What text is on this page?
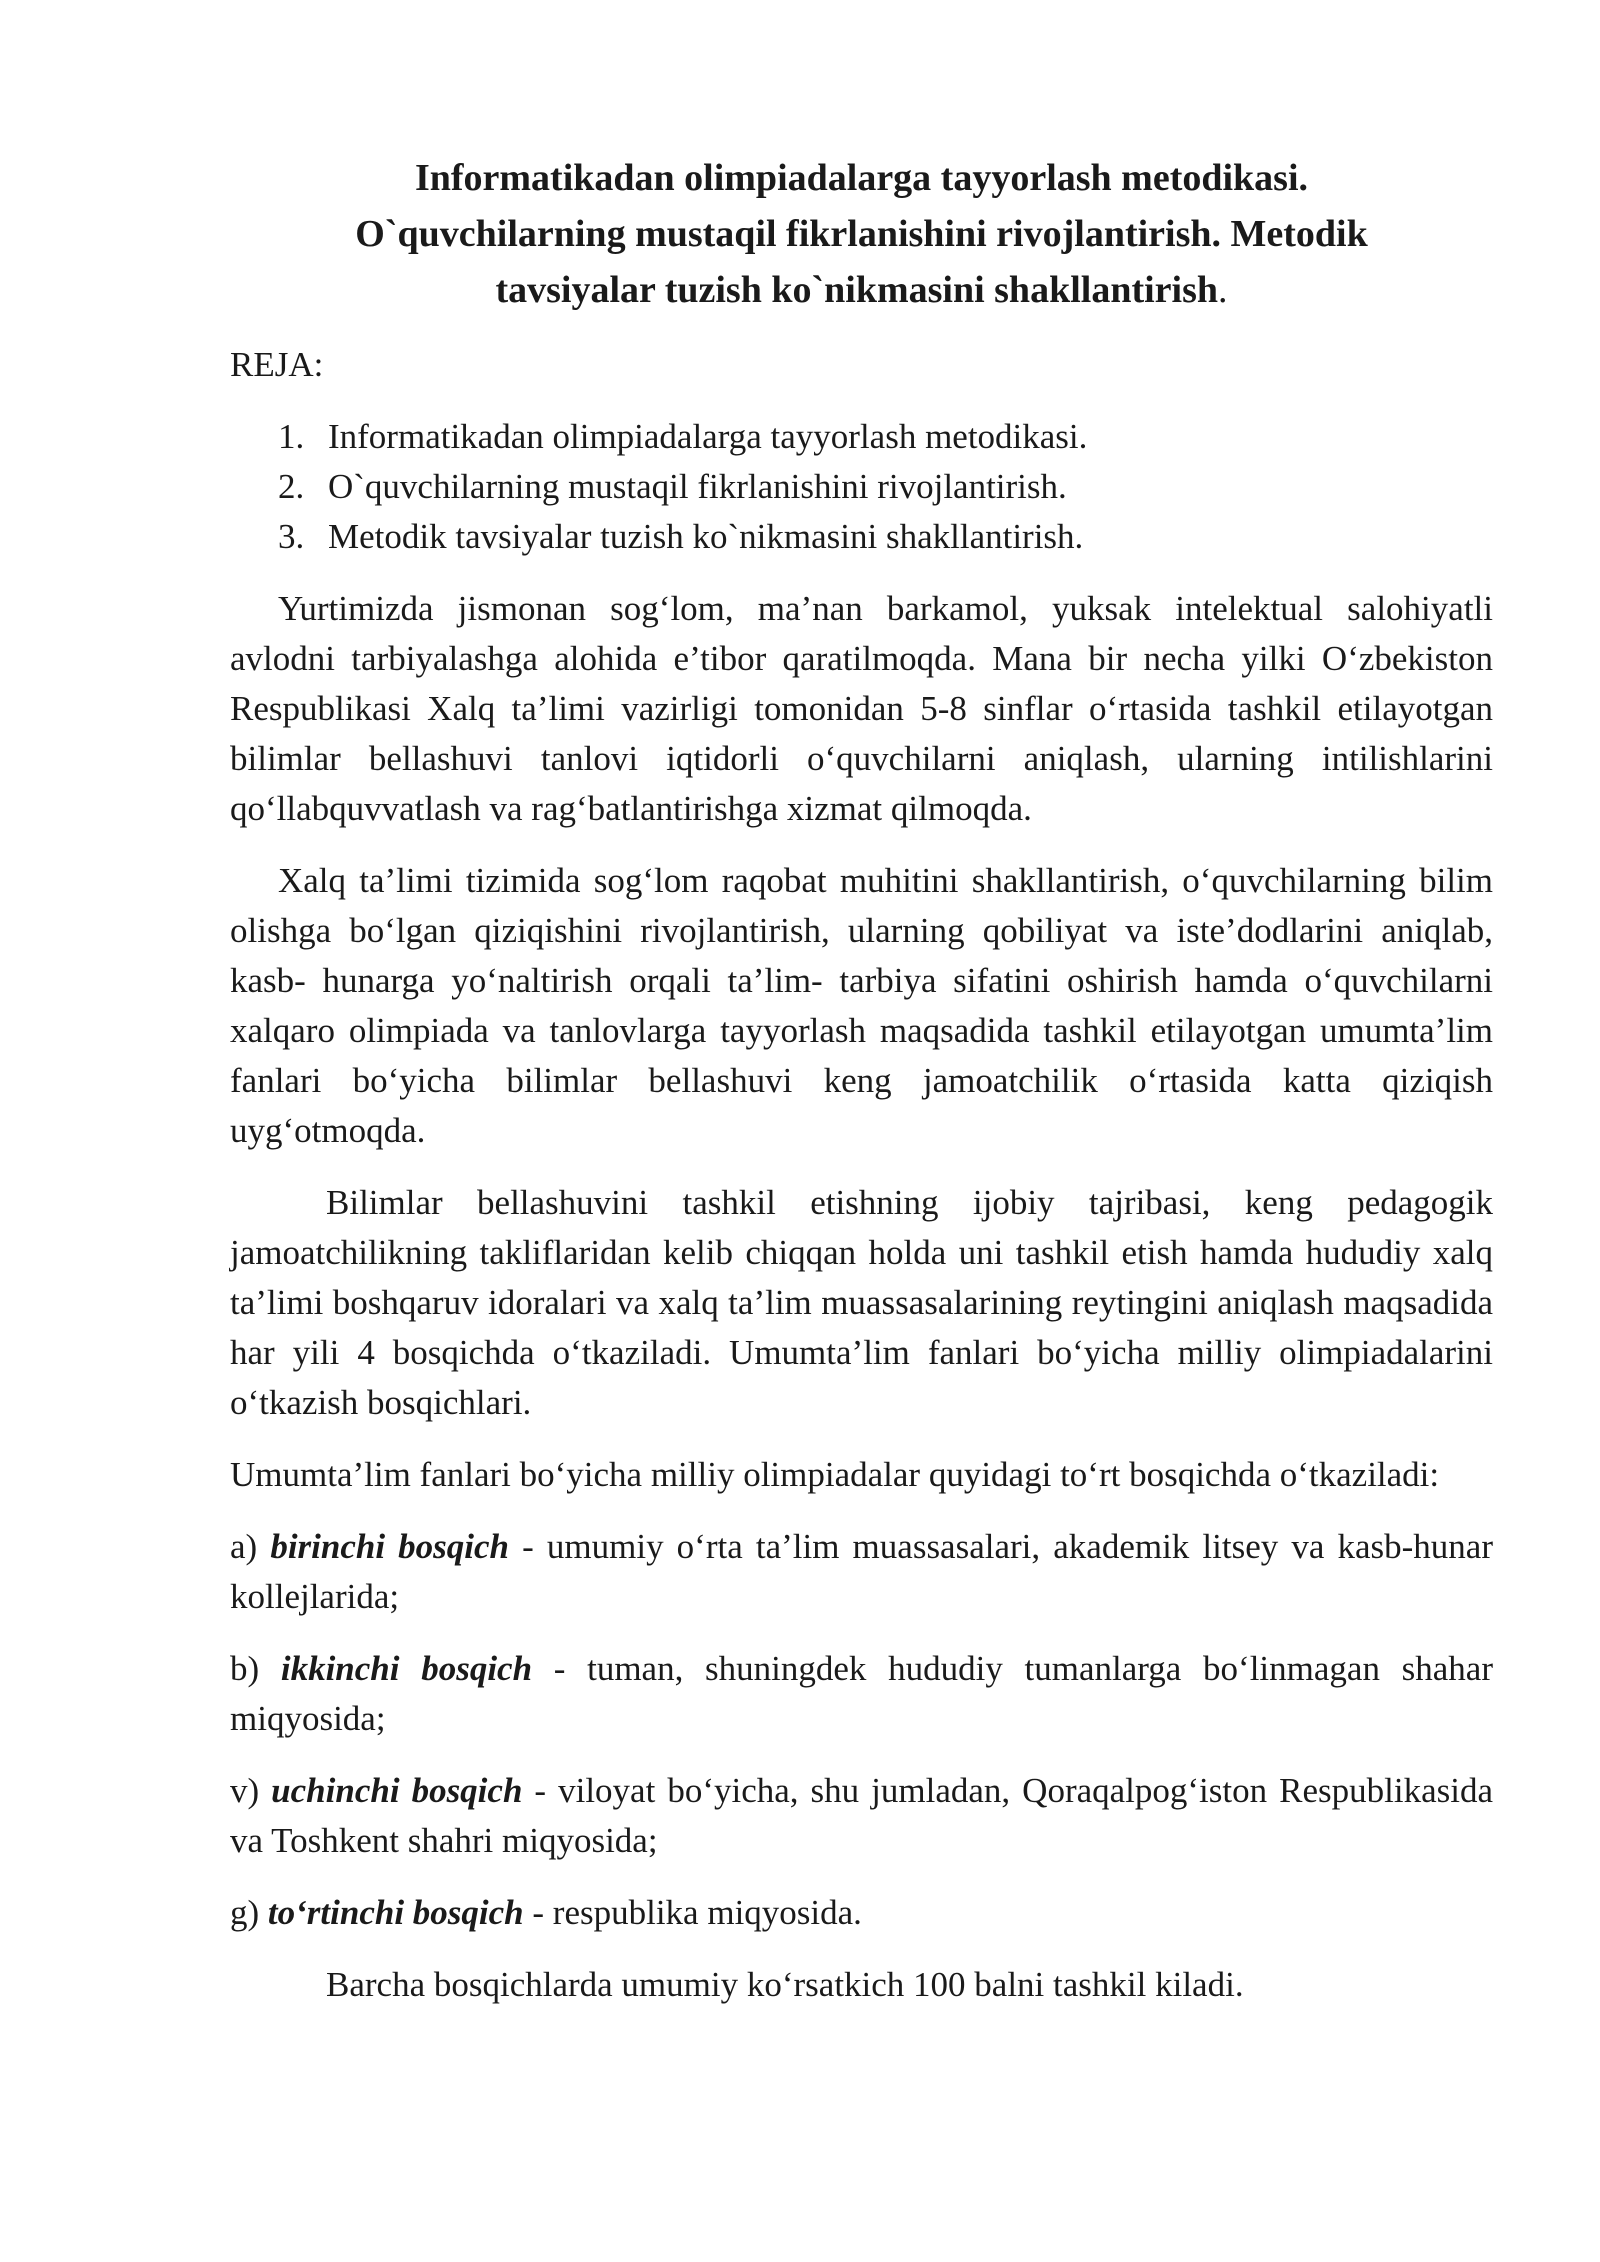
Informatikadan olimpiadalarga tayyorlash metodikasi.
O`quvchilarning mustaqil fikrlanishini rivojlantirish. Metodik
tavsiyalar tuzish ko`nikmasini shakllantirish.
REJA:
1. Informatikadan olimpiadalarga tayyorlash metodikasi.
2. O`quvchilarning mustaqil fikrlanishini rivojlantirish.
3. Metodik tavsiyalar tuzish ko`nikmasini shakllantirish.

Yurtimizda jismonan sog‘lom, ma’nan barkamol, yuksak intelektual salohiyatli avlodni tarbiyalashga alohida e’tibor qaratilmoqda. Mana bir necha yilki O‘zbekiston Respublikasi Xalq ta’limi vazirligi tomonidan 5-8 sinflar o‘rtasida tashkil etilayotgan bilimlar bellashuvi tanlovi iqtidorli o‘quvchilarni aniqlash, ularning intilishlarini qo‘llabquvvatlash va rag‘batlantirishga xizmat qilmoqda.

Xalq ta’limi tizimida sog‘lom raqobat muhitini shakllantirish, o‘quvchilarning bilim olishga bo‘lgan qiziqishini rivojlantirish, ularning qobiliyat va iste’dodlarini aniqlab, kasb- hunarga yo‘naltirish orqali ta’lim- tarbiya sifatini oshirish hamda o‘quvchilarni xalqaro olimpiada va tanlovlarga tayyorlash maqsadida tashkil etilayotgan umumta’lim fanlari bo‘yicha bilimlar bellashuvi keng jamoatchilik o‘rtasida katta qiziqish uyg‘otmoqda.

Bilimlar bellashuvini tashkil etishning ijobiy tajribasi, keng pedagogik jamoatchilikning takliflaridan kelib chiqqan holda uni tashkil etish hamda hududiy xalq ta’limi boshqaruv idoralari va xalq ta’lim muassasalarining reytingini aniqlash maqsadida har yili 4 bosqichda o‘tkaziladi. Umumta’lim fanlari bo‘yicha milliy olimpiadalarini o‘tkazish bosqichlari.

Umumta’lim fanlari bo‘yicha milliy olimpiadalar quyidagi to‘rt bosqichda o‘tkaziladi:

a) birinchi bosqich - umumiy o‘rta ta’lim muassasalari, akademik litsey va kasb-hunar kollejlarida;

b) ikkinchi bosqich - tuman, shuningdek hududiy tumanlarga bo‘linmagan shahar miqyosida;

v) uchinchi bosqich - viloyat bo‘yicha, shu jumladan, Qoraqalpog‘iston Respublikasida va Toshkent shahri miqyosida;

g) to‘rtinchi bosqich - respublika miqyosida.

Barcha bosqichlarda umumiy ko‘rsatkich 100 balni tashkil kiladi.
